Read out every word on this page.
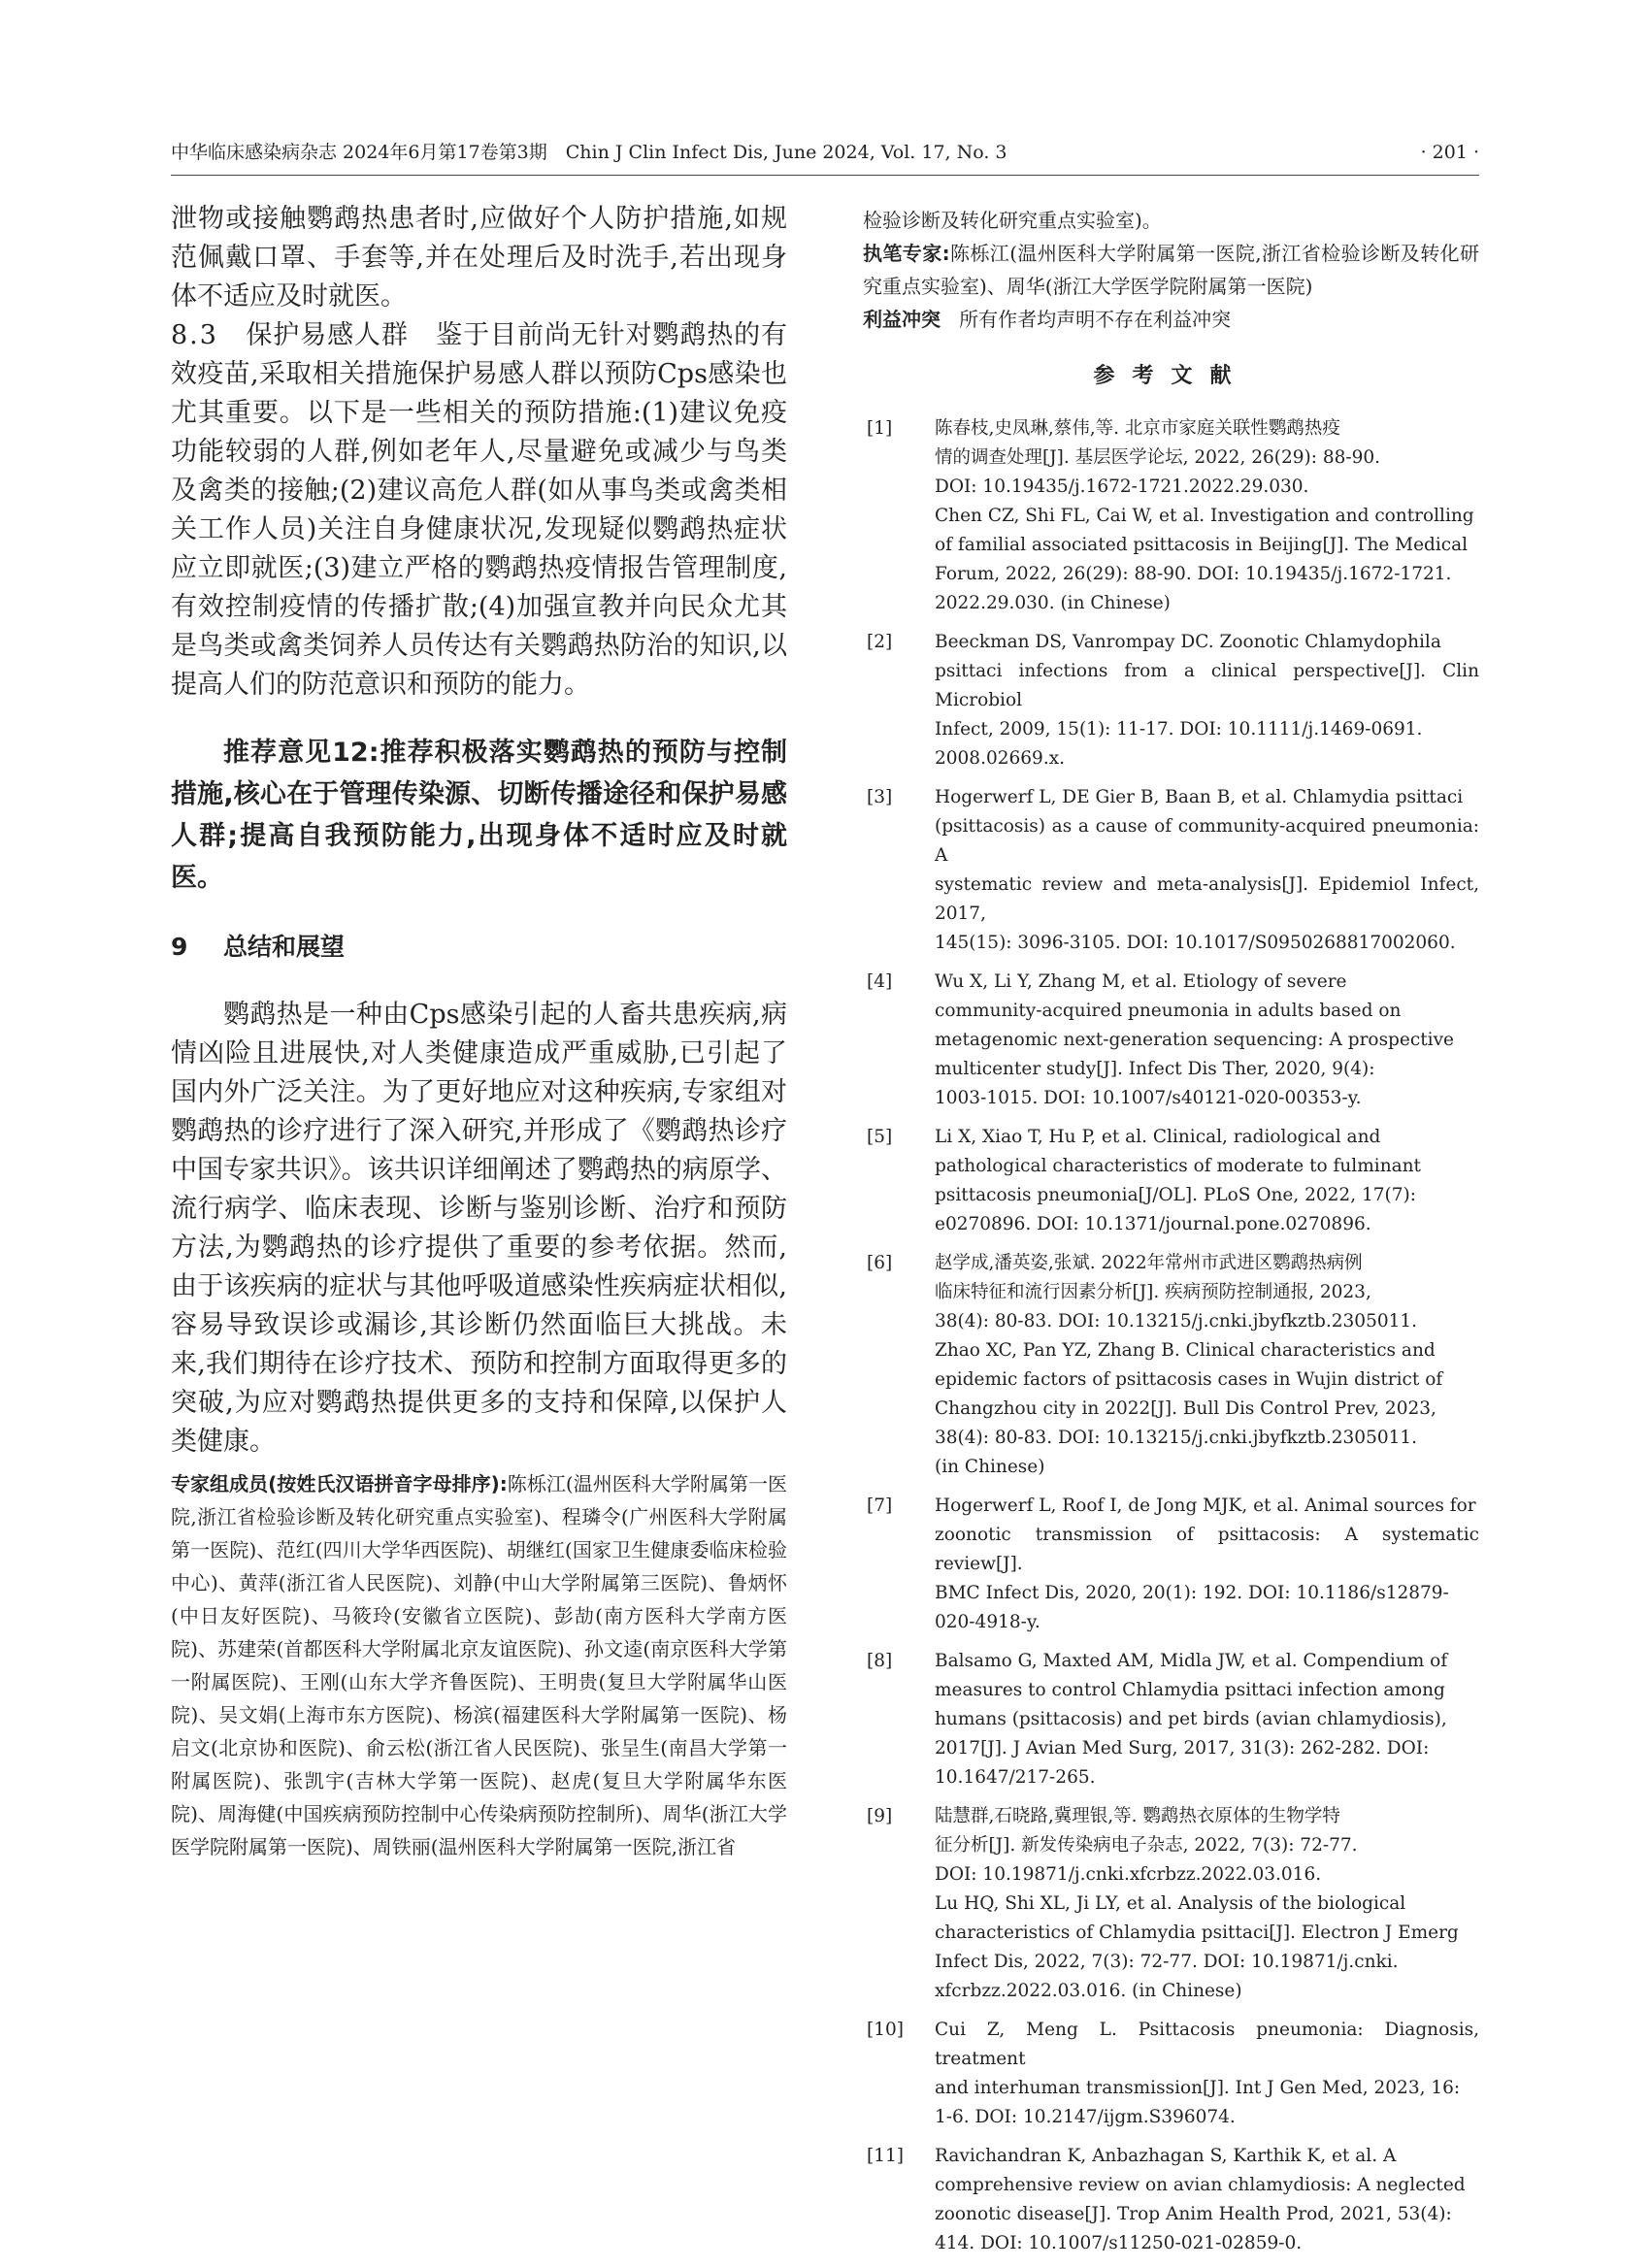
中华临床感染病杂志 2024年6月第17卷第3期　Chin J Clin Infect Dis, June 2024, Vol. 17, No. 3	· 201 ·

泄物或接触鹦鹉热患者时,应做好个人防护措施,如规范佩戴口罩、手套等,并在处理后及时洗手,若出现身体不适应及时就医。

8.3 保护易感人群 鉴于目前尚无针对鹦鹉热的有效疫苗,采取相关措施保护易感人群以预防Cps感染也尤其重要。以下是一些相关的预防措施:(1)建议免疫功能较弱的人群,例如老年人,尽量避免或减少与鸟类及禽类的接触;(2)建议高危人群(如从事鸟类或禽类相关工作人员)关注自身健康状况,发现疑似鹦鹉热症状应立即就医;(3)建立严格的鹦鹉热疫情报告管理制度,有效控制疫情的传播扩散;(4)加强宣教并向民众尤其是鸟类或禽类饲养人员传达有关鹦鹉热防治的知识,以提高人们的防范意识和预防的能力。

推荐意见12:推荐积极落实鹦鹉热的预防与控制措施,核心在于管理传染源、切断传播途径和保护易感人群;提高自我预防能力,出现身体不适时应及时就医。

9 总结和展望

鹦鹉热是一种由Cps感染引起的人畜共患疾病,病情凶险且进展快,对人类健康造成严重威胁,已引起了国内外广泛关注。为了更好地应对这种疾病,专家组对鹦鹉热的诊疗进行了深入研究,并形成了《鹦鹉热诊疗中国专家共识》。该共识详细阐述了鹦鹉热的病原学、流行病学、临床表现、诊断与鉴别诊断、治疗和预防方法,为鹦鹉热的诊疗提供了重要的参考依据。然而,由于该疾病的症状与其他呼吸道感染性疾病症状相似,容易导致误诊或漏诊,其诊断仍然面临巨大挑战。未来,我们期待在诊疗技术、预防和控制方面取得更多的突破,为应对鹦鹉热提供更多的支持和保障,以保护人类健康。

专家组成员(按姓氏汉语拼音字母排序):陈栎江(温州医科大学附属第一医院,浙江省检验诊断及转化研究重点实验室)、程璘令(广州医科大学附属第一医院)、范红(四川大学华西医院)、胡继红(国家卫生健康委临床检验中心)、黄萍(浙江省人民医院)、刘静(中山大学附属第三医院)、鲁炳怀(中日友好医院)、马筱玲(安徽省立医院)、彭劼(南方医科大学南方医院)、苏建荣(首都医科大学附属北京友谊医院)、孙文逵(南京医科大学第一附属医院)、王刚(山东大学齐鲁医院)、王明贵(复旦大学附属华山医院)、吴文娟(上海市东方医院)、杨滨(福建医科大学附属第一医院)、杨启文(北京协和医院)、俞云松(浙江省人民医院)、张呈生(南昌大学第一附属医院)、张凯宇(吉林大学第一医院)、赵虎(复旦大学附属华东医院)、周海健(中国疾病预防控制中心传染病预防控制所)、周华(浙江大学医学院附属第一医院)、周铁丽(温州医科大学附属第一医院,浙江省

检验诊断及转化研究重点实验室)。

执笔专家:陈栎江(温州医科大学附属第一医院,浙江省检验诊断及转化研究重点实验室)、周华(浙江大学医学院附属第一医院)

利益冲突 所有作者均声明不存在利益冲突

参考文献
[1] 陈春枝,史凤琳,蔡伟,等. 北京市家庭关联性鹦鹉热疫
情的调查处理[J]. 基层医学论坛, 2022, 26(29): 88-90.
DOI: 10.19435/j.1672-1721.2022.29.030.
Chen CZ, Shi FL, Cai W, et al. Investigation and controlling
of familial associated psittacosis in Beijing[J]. The Medical
Forum, 2022, 26(29): 88-90. DOI: 10.19435/j.1672-1721.
2022.29.030. (in Chinese)
[2] Beeckman DS, Vanrompay DC. Zoonotic Chlamydophila
psittaci infections from a clinical perspective[J]. Clin Microbiol
Infect, 2009, 15(1): 11-17. DOI: 10.1111/j.1469-0691.
2008.02669.x.
[3] Hogerwerf L, DE Gier B, Baan B, et al. Chlamydia psittaci
(psittacosis) as a cause of community-acquired pneumonia: A
systematic review and meta-analysis[J]. Epidemiol Infect, 2017,
145(15): 3096-3105. DOI: 10.1017/S0950268817002060.
[4] Wu X, Li Y, Zhang M, et al. Etiology of severe
community-acquired pneumonia in adults based on
metagenomic next-generation sequencing: A prospective
multicenter study[J]. Infect Dis Ther, 2020, 9(4):
1003-1015. DOI: 10.1007/s40121-020-00353-y.
[5] Li X, Xiao T, Hu P, et al. Clinical, radiological and
pathological characteristics of moderate to fulminant
psittacosis pneumonia[J/OL]. PLoS One, 2022, 17(7):
e0270896. DOI: 10.1371/journal.pone.0270896.
[6] 赵学成,潘英姿,张斌. 2022年常州市武进区鹦鹉热病例
临床特征和流行因素分析[J]. 疾病预防控制通报, 2023,
38(4): 80-83. DOI: 10.13215/j.cnki.jbyfkztb.2305011.
Zhao XC, Pan YZ, Zhang B. Clinical characteristics and
epidemic factors of psittacosis cases in Wujin district of
Changzhou city in 2022[J]. Bull Dis Control Prev, 2023,
38(4): 80-83. DOI: 10.13215/j.cnki.jbyfkztb.2305011.
(in Chinese)
[7] Hogerwerf L, Roof I, de Jong MJK, et al. Animal sources for
zoonotic transmission of psittacosis: A systematic review[J].
BMC Infect Dis, 2020, 20(1): 192. DOI: 10.1186/s12879-
020-4918-y.
[8] Balsamo G, Maxted AM, Midla JW, et al. Compendium of
measures to control Chlamydia psittaci infection among
humans (psittacosis) and pet birds (avian chlamydiosis),
2017[J]. J Avian Med Surg, 2017, 31(3): 262-282. DOI:
10.1647/217-265.
[9] 陆慧群,石晓路,冀理银,等. 鹦鹉热衣原体的生物学特
征分析[J]. 新发传染病电子杂志, 2022, 7(3): 72-77.
DOI: 10.19871/j.cnki.xfcrbzz.2022.03.016.
Lu HQ, Shi XL, Ji LY, et al. Analysis of the biological
characteristics of Chlamydia psittaci[J]. Electron J Emerg
Infect Dis, 2022, 7(3): 72-77. DOI: 10.19871/j.cnki.
xfcrbzz.2022.03.016. (in Chinese)
[10] Cui Z, Meng L. Psittacosis pneumonia: Diagnosis, treatment
and interhuman transmission[J]. Int J Gen Med, 2023, 16:
1-6. DOI: 10.2147/ijgm.S396074.
[11] Ravichandran K, Anbazhagan S, Karthik K, et al. A
comprehensive review on avian chlamydiosis: A neglected
zoonotic disease[J]. Trop Anim Health Prod, 2021, 53(4):
414. DOI: 10.1007/s11250-021-02859-0.
